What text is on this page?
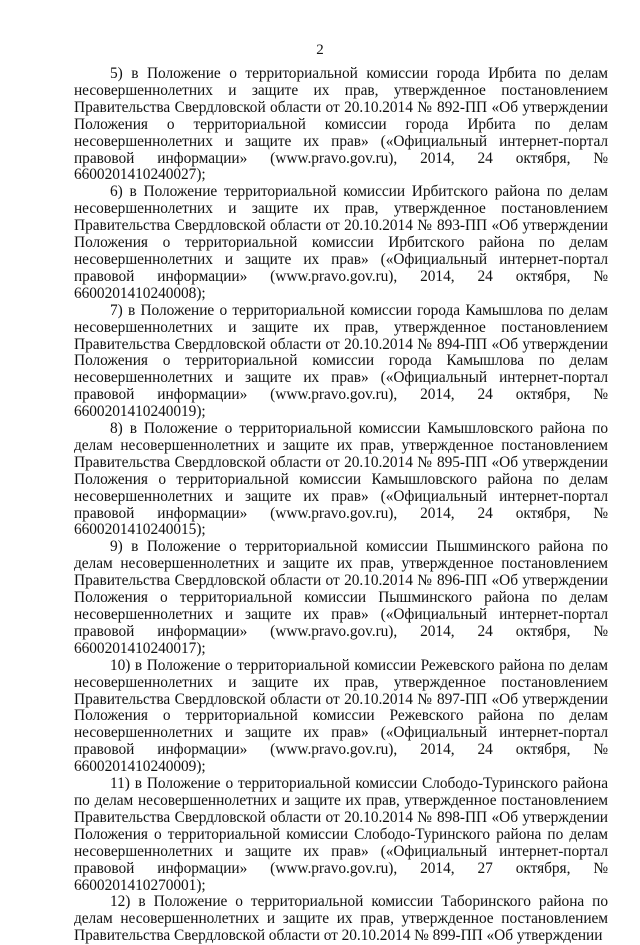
2

5) в Положение о территориальной комиссии города Ирбита по делам
несовершеннолетних и защите их прав, утвержденное постановлением
Правительства Свердловской области от 20.10.2014 № 892-ПП «Об утверждении
Положения о территориальной комиссии города Ирбита по делам
несовершеннолетних и защите их прав» («Официальный интернет-портал
правовой информации» (www.pravo.gov.ru), 2014, 24 октября, № 6600201410240027);

6) в Положение территориальной комиссии Ирбитского района по делам
несовершеннолетних и защите их прав, утвержденное постановлением
Правительства Свердловской области от 20.10.2014 № 893-ПП «Об утверждении
Положения о территориальной комиссии Ирбитского района по делам
несовершеннолетних и защите их прав» («Официальный интернет-портал
правовой информации» (www.pravo.gov.ru), 2014, 24 октября, № 6600201410240008);

7) в Положение о территориальной комиссии города Камышлова по делам
несовершеннолетних и защите их прав, утвержденное постановлением
Правительства Свердловской области от 20.10.2014 № 894-ПП «Об утверждении
Положения о территориальной комиссии города Камышлова по делам
несовершеннолетних и защите их прав» («Официальный интернет-портал
правовой информации» (www.pravo.gov.ru), 2014, 24 октября, № 6600201410240019);

8) в Положение о территориальной комиссии Камышловского района по
делам несовершеннолетних и защите их прав, утвержденное постановлением
Правительства Свердловской области от 20.10.2014 № 895-ПП «Об утверждении
Положения о территориальной комиссии Камышловского района по делам
несовершеннолетних и защите их прав» («Официальный интернет-портал
правовой информации» (www.pravo.gov.ru), 2014, 24 октября, № 6600201410240015);

9) в Положение о территориальной комиссии Пышминского района по
делам несовершеннолетних и защите их прав, утвержденное постановлением
Правительства Свердловской области от 20.10.2014 № 896-ПП «Об утверждении
Положения о территориальной комиссии Пышминского района по делам
несовершеннолетних и защите их прав» («Официальный интернет-портал
правовой информации» (www.pravo.gov.ru), 2014, 24 октября, № 6600201410240017);

10) в Положение о территориальной комиссии Режевского района по делам
несовершеннолетних и защите их прав, утвержденное постановлением
Правительства Свердловской области от 20.10.2014 № 897-ПП «Об утверждении
Положения о территориальной комиссии Режевского района по делам
несовершеннолетних и защите их прав» («Официальный интернет-портал
правовой информации» (www.pravo.gov.ru), 2014, 24 октября, № 6600201410240009);

11) в Положение о территориальной комиссии Слободо-Туринского района
по делам несовершеннолетних и защите их прав, утвержденное постановлением
Правительства Свердловской области от 20.10.2014 № 898-ПП «Об утверждении
Положения о территориальной комиссии Слободо-Туринского района по делам
несовершеннолетних и защите их прав» («Официальный интернет-портал
правовой информации» (www.pravo.gov.ru), 2014, 27 октября, № 6600201410270001);

12) в Положение о территориальной комиссии Таборинского района по
делам несовершеннолетних и защите их прав, утвержденное постановлением
Правительства Свердловской области от 20.10.2014 № 899-ПП «Об утверждении
